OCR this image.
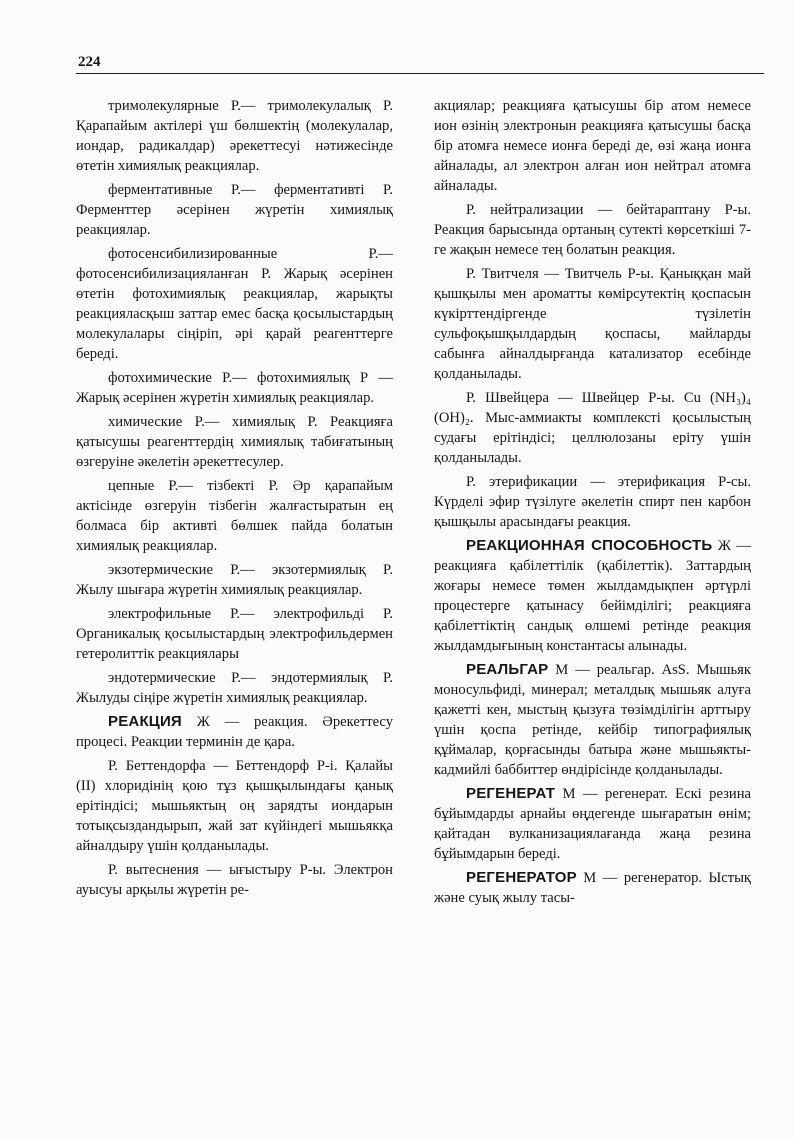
224

тримолекулярные Р.— тримолекулалық Р. Қарапайым актілері үш бөлшектің (молекулалар, иондар, радикалдар) әрекеттесуі нәтижесінде өтетін химиялық реакциялар.

ферментативные Р.— ферментативті Р. Ферменттер әсерінен жүретін химиялық реакциялар.

фотосенсибилизированные Р.— фотосенсибилизацияланған Р. Жарық әсерінен өтетін фотохимиялық реакциялар, жарықты реакцияласқыш заттар емес басқа қосылыстардың молекулалары сіңіріп, әрі қарай реагенттерге береді.

фотохимические Р.— фотохимиялық Р — Жарық әсерінен жүретін химиялық реакциялар.

химические Р.— химиялық Р. Реакцияға қатысушы реагенттердің химиялық табиғатының өзгеруіне әкелетін әрекеттесулер.

цепные Р.— тізбекті Р. Әр қарапайым актісінде өзгеруін тізбегін жалғастыратын ең болмаса бір активті бөлшек пайда болатын химиялық реакциялар.

экзотермические Р.— экзотермиялық Р. Жылу шығара жүретін химиялық реакциялар.

электрофильные Р.— электрофильді Р. Органикалық қосылыстардың электрофильдермен гетеролиттік реакциялары

эндотермические Р.— эндотермиялық Р. Жылуды сіңіре жүретін химиялық реакциялар.

РЕАКЦИЯ Ж — реакция. Әрекеттесу процесі. Реакции терминін де қара.

Р. Беттендорфа — Беттендорф Р-і. Қалайы (ІІ) хлоридінің қою тұз қышқылындағы қанық ерітіндісі; мышьяктың оң зарядты иондарын тотықсыздандырып, жай зат күйіндегі мышьякқа айналдыру үшін қолданылады.

Р. вытеснения — ығыстыру Р-ы. Электрон ауысуы арқылы жүретін ре-

акциялар; реакцияға қатысушы бір атом немесе ион өзінің электронын реакцияға қатысушы басқа бір атомға немесе ионға береді де, өзі жаңа ионға айналады, ал электрон алған ион нейтрал атомға айналады.

Р. нейтрализации — бейтараптану Р-ы. Реакция барысында ортаның сутекті көрсеткіші 7-ге жақын немесе тең болатын реакция.

Р. Твитчеля — Твитчель Р-ы. Қаныққан май қышқылы мен ароматты көмірсутектің қоспасын күкірттендіргенде түзілетін сульфоқышқылдардың қоспасы, майларды сабынға айналдырғанда катализатор есебінде қолданылады.

Р. Швейцера — Швейцер Р-ы. Cu (NH₃)₄ (OH)₂. Мыс-аммиакты комплексті қосылыстың судағы ерітіндісі; целлюлозаны еріту үшін қолданылады.

Р. этерификации — этерификация Р-сы. Күрделі эфир түзілуге әкелетін спирт пен карбон қышқылы арасындағы реакция.

РЕАКЦИОННАЯ СПОСОБНОСТЬ Ж — реакцияға қабілеттілік (қабілеттік). Заттардың жоғары немесе төмен жылдамдықпен әртүрлі процестерге қатынасу бейімділігі; реакцияға қабілеттіктің сандық өлшемі ретінде реакция жылдамдығының константасы алынады.

РЕАЛЬГАР М — реальгар. AsS. Мышьяк моносульфиді, минерал; металдық мышьяк алуға қажетті кен, мыстың қызуға төзімділігін арттыру үшін қоспа ретінде, кейбір типографиялық құймалар, қорғасынды батыра және мышьякты-кадмийлі баббиттер өндірісінде қолданылады.

РЕГЕНЕРАТ М — регенерат. Ескі резина бұйымдарды арнайы өңдегенде шығаратын өнім; қайтадан вулканизациялағанда жаңа резина бұйымдарын береді.

РЕГЕНЕРАТОР М — регенератор. Ыстық және суық жылу тасы-
